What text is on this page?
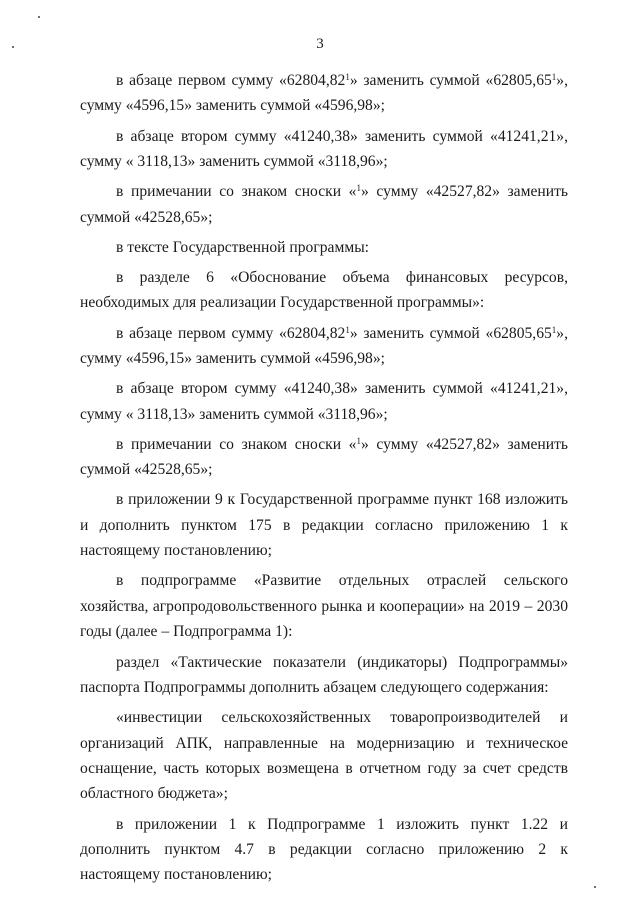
3

в абзаце первом сумму «62804,82$^1$» заменить суммой «62805,65$^1$», сумму «4596,15» заменить суммой «4596,98»;

в абзаце втором сумму «41240,38» заменить суммой «41241,21», сумму « 3118,13» заменить суммой «3118,96»;

в примечании со знаком сноски «$^1$» сумму «42527,82» заменить суммой «42528,65»;

в тексте Государственной программы:

в разделе 6 «Обоснование объема финансовых ресурсов, необходимых для реализации Государственной программы»:

в абзаце первом сумму «62804,82$^1$» заменить суммой «62805,65$^1$», сумму «4596,15» заменить суммой «4596,98»;

в абзаце втором сумму «41240,38» заменить суммой «41241,21», сумму « 3118,13» заменить суммой «3118,96»;

в примечании со знаком сноски «$^1$» сумму «42527,82» заменить суммой «42528,65»;

в приложении 9 к Государственной программе пункт 168 изложить и дополнить пунктом 175 в редакции согласно приложению 1 к настоящему постановлению;

в подпрограмме «Развитие отдельных отраслей сельского хозяйства, агропродовольственного рынка и кооперации» на 2019 – 2030 годы (далее – Подпрограмма 1):

раздел «Тактические показатели (индикаторы) Подпрограммы» паспорта Подпрограммы дополнить абзацем следующего содержания:

«инвестиции сельскохозяйственных товаропроизводителей и организаций АПК, направленные на модернизацию и техническое оснащение, часть которых возмещена в отчетном году за счет средств областного бюджета»;

в приложении 1 к Подпрограмме 1 изложить пункт 1.22 и дополнить пунктом 4.7 в редакции согласно приложению 2 к настоящему постановлению;
